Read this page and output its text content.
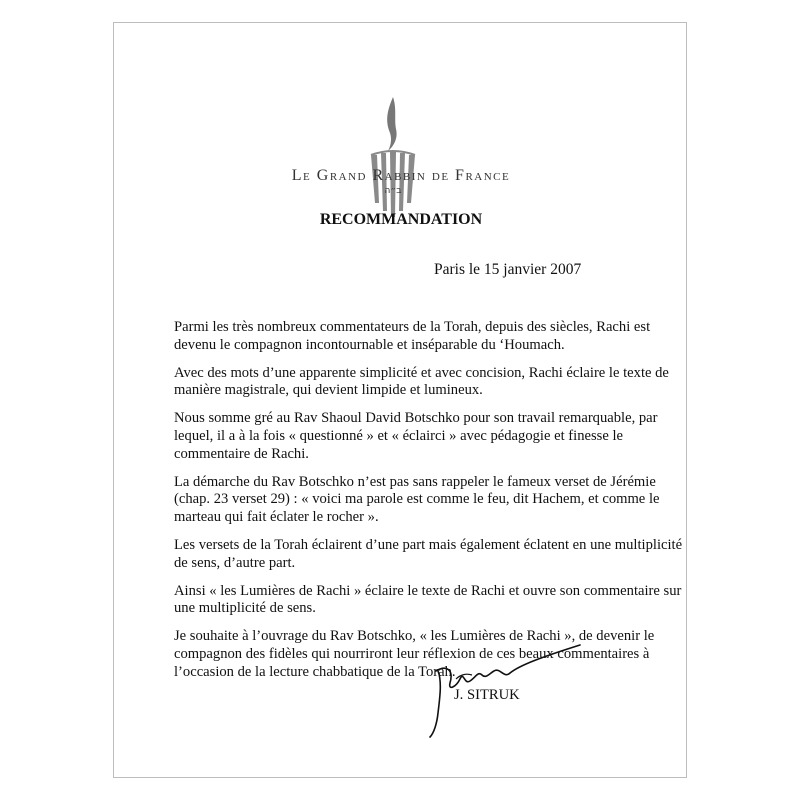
ב״ה
Le Grand Rabbin de France
RECOMMANDATION
Paris le 15 janvier 2007

Parmi les très nombreux commentateurs de la Torah, depuis des siècles, Rachi est devenu le compagnon incontournable et inséparable du ‘Houmach.

Avec des mots d’une apparente simplicité et avec concision, Rachi éclaire le texte de manière magistrale, qui devient limpide et lumineux.

Nous somme gré au Rav Shaoul David Botschko pour son travail remarquable, par lequel, il a à la fois « questionné » et « éclairci » avec pédagogie et finesse le commentaire de Rachi.

La démarche du Rav Botschko n’est pas sans rappeler le fameux verset de Jérémie (chap. 23 verset 29) : « voici ma parole est comme le feu, dit Hachem, et comme le marteau qui fait éclater le rocher ».

Les versets de la Torah éclairent d’une part mais également éclatent en une multiplicité de sens, d’autre part.

Ainsi « les Lumières de Rachi » éclaire le texte de Rachi et ouvre son commentaire sur une multiplicité de sens.

Je souhaite à l’ouvrage du Rav Botschko, « les Lumières de Rachi », de devenir le compagnon des fidèles qui nourriront leur réflexion de ces beaux commentaires à l’occasion de la lecture chabbatique de la Torah.

J. SITRUK
